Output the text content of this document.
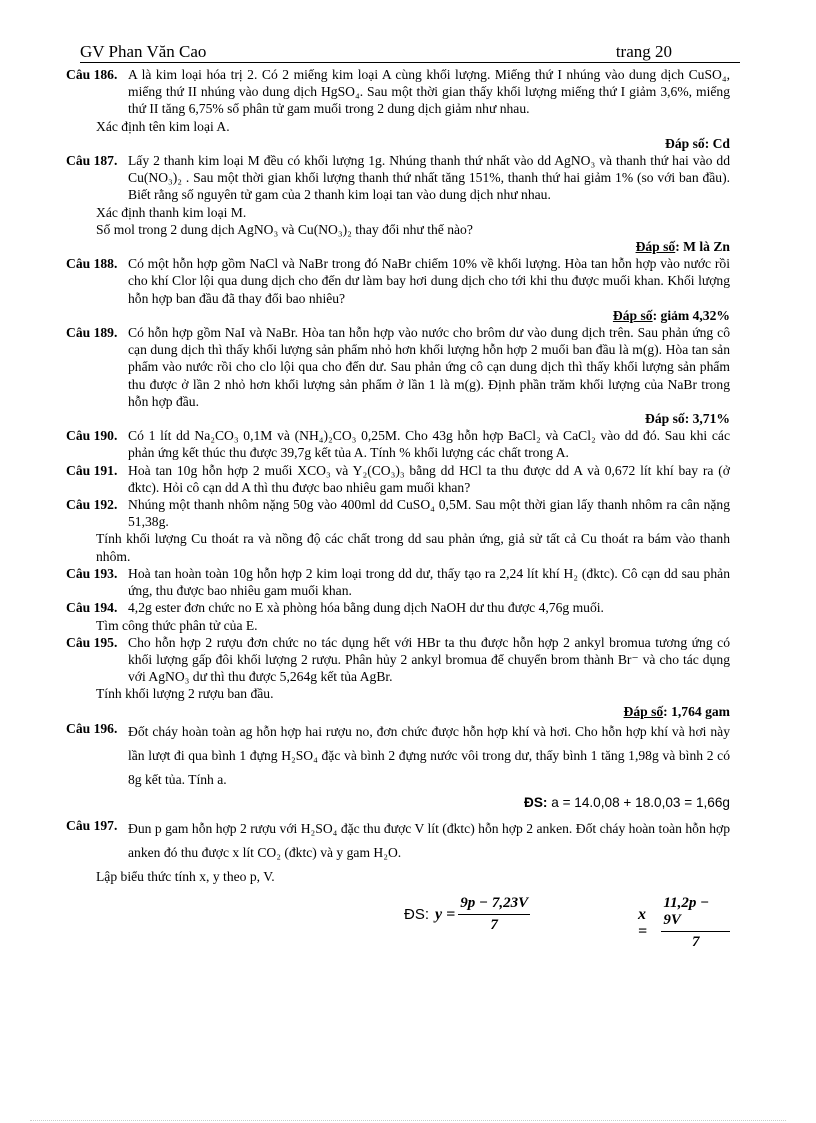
GV Phan Văn Cao	trang 20
Câu 186. A là kim loại hóa trị 2. Có 2 miếng kim loại A cùng khối lượng. Miếng thứ I nhúng vào dung dịch CuSO₄, miếng thứ II nhúng vào dung dịch HgSO₄. Sau một thời gian thấy khối lượng miếng thứ I giảm 3,6%, miếng thứ II tăng 6,75% số phân tử gam muối trong 2 dung dịch giảm như nhau.

Xác định tên kim loại A.

Đáp số: Cd

Câu 187. Lấy 2 thanh kim loại M đều có khối lượng 1g. Nhúng thanh thứ nhất vào dd AgNO₃ và thanh thứ hai vào dd Cu(NO₃)₂ . Sau một thời gian khối lượng thanh thứ nhất tăng 151%, thanh thứ hai giảm 1% (so với ban đầu). Biết rằng số nguyên tử gam của 2 thanh kim loại tan vào dung dịch như nhau.

Xác định thanh kim loại M.

Số mol trong 2 dung dịch AgNO₃ và Cu(NO₃)₂ thay đổi như thế nào?

Đáp số: M là Zn

Câu 188. Có một hỗn hợp gồm NaCl và NaBr trong đó NaBr chiếm 10% về khối lượng. Hòa tan hỗn hợp vào nước rồi cho khí Clor lội qua dung dịch cho đến dư làm bay hơi dung dịch cho tới khi thu được muối khan. Khối lượng hỗn hợp ban đầu đã thay đổi bao nhiêu?

Đáp số: giảm 4,32%

Câu 189. Có hỗn hợp gồm NaI và NaBr. Hòa tan hỗn hợp vào nước cho brôm dư vào dung dịch trên. Sau phản ứng cô cạn dung dịch thì thấy khối lượng sản phẩm nhỏ hơn khối lượng hỗn hợp 2 muối ban đầu là m(g). Hòa tan sản phẩm vào nước rồi cho clo lội qua cho đến dư. Sau phản ứng cô cạn dung dịch thì thấy khối lượng sản phẩm thu được ở lần 2 nhỏ hơn khối lượng sản phẩm ở lần 1 là m(g). Định phần trăm khối lượng của NaBr trong hỗn hợp đầu.

Đáp số: 3,71%

Câu 190. Có 1 lít dd Na₂CO₃ 0,1M và (NH₄)₂CO₃ 0,25M. Cho 43g hỗn hợp BaCl₂ và CaCl₂ vào dd đó. Sau khi các phản ứng kết thúc thu được 39,7g kết tủa A. Tính % khối lượng các chất trong A.
Câu 191. Hoà tan 10g hỗn hợp 2 muối XCO₃ và Y₂(CO₃)₃ bằng dd HCl ta thu được dd A và 0,672 lít khí bay ra (ở đktc). Hỏi cô cạn dd A thì thu được bao nhiêu gam muối khan?
Câu 192. Nhúng một thanh nhôm nặng 50g vào 400ml dd CuSO₄ 0,5M. Sau một thời gian lấy thanh nhôm ra cân nặng 51,38g.

Tính khối lượng Cu thoát ra và nồng độ các chất trong dd sau phản ứng, giả sử tất cả Cu thoát ra bám vào thanh nhôm.

Câu 193. Hoà tan hoàn toàn 10g hỗn hợp 2 kim loại trong dd dư, thấy tạo ra 2,24 lít khí H₂ (đktc). Cô cạn dd sau phản ứng, thu được bao nhiêu gam muối khan.
Câu 194. 4,2g ester đơn chức no E xà phòng hóa bằng dung dịch NaOH dư thu được 4,76g muối.

Tìm công thức phân tử của E.

Câu 195. Cho hỗn hợp 2 rượu đơn chức no tác dụng hết với HBr ta thu được hỗn hợp 2 ankyl bromua tương ứng có khối lượng gấp đôi khối lượng 2 rượu. Phân hủy 2 ankyl bromua để chuyển brom thành Br⁻ và cho tác dụng với AgNO₃ dư thì thu được 5,264g kết tủa AgBr.

Tính khối lượng 2 rượu ban đầu.

Đáp số: 1,764 gam

Câu 196. Đốt cháy hoàn toàn ag hỗn hợp hai rượu no, đơn chức được hỗn hợp khí và hơi. Cho hỗn hợp khí và hơi này lần lượt đi qua bình 1 đựng H₂SO₄ đặc và bình 2 đựng nước vôi trong dư, thấy bình 1 tăng 1,98g và bình 2 có 8g kết tủa. Tính a.

ĐS: a = 14.0,08 + 18.0,03 = 1,66g

Câu 197. Đun p gam hỗn hợp 2 rượu với H₂SO₄ đặc thu được V lít (đktc) hỗn hợp 2 anken. Đốt cháy hoàn toàn hỗn hợp anken đó thu được x lít CO₂ (đktc) và y gam H₂O.

Lập biểu thức tính x, y theo p, V.

ĐS: $y = \frac{9p - 7,23V}{7}$	$x = \frac{11,2p - 9V}{7}$
